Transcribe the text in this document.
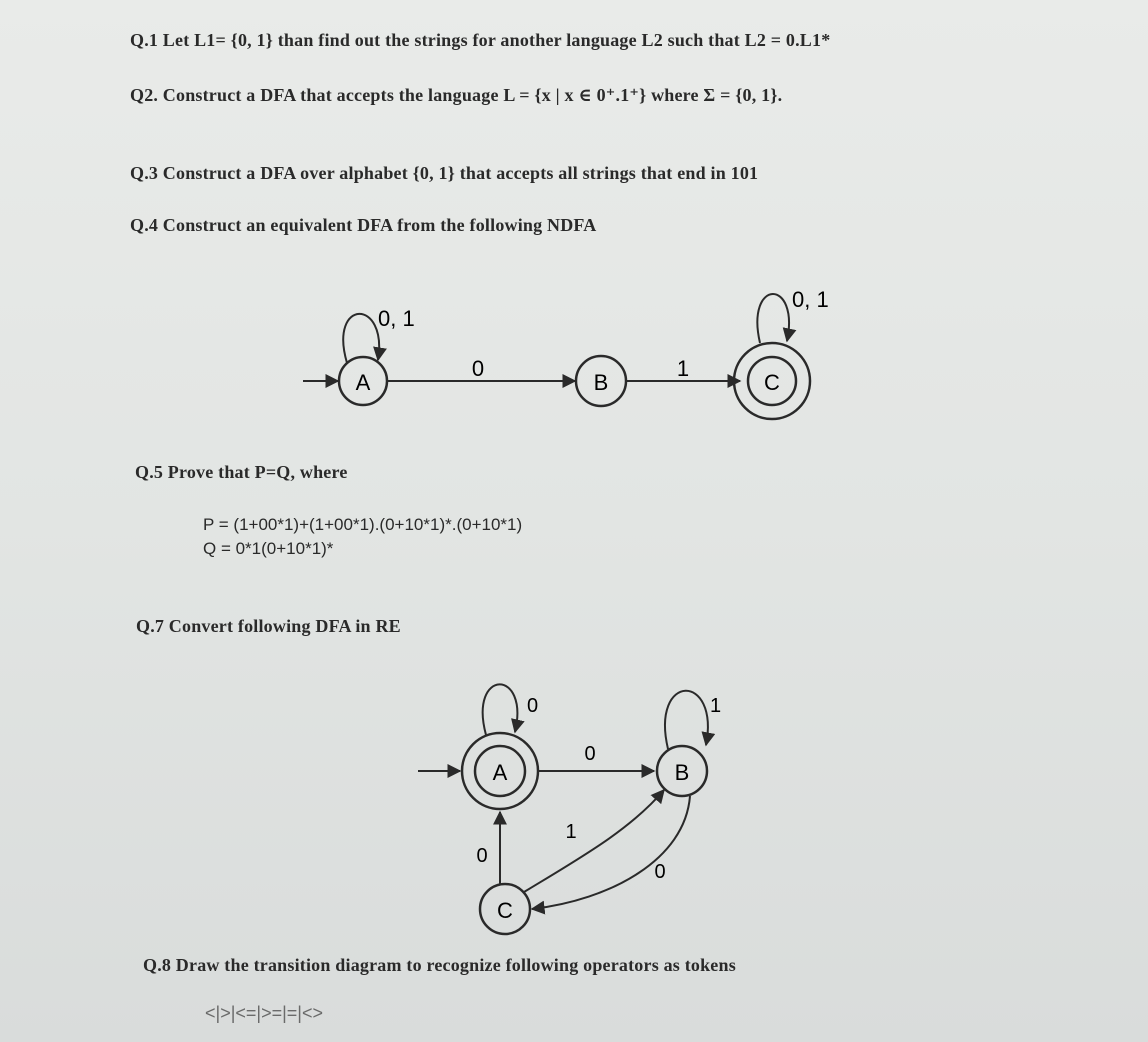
Q.1 Let L1= {0, 1} than find out the strings for another language L2 such that L2 = 0.L1*
Q2. Construct a DFA that accepts the language L = {x | x ∈ 0⁺.1⁺} where Σ = {0, 1}.
Q.3 Construct a DFA over alphabet {0, 1} that accepts all strings that end in 101
Q.4 Construct an equivalent DFA from the following NDFA
A
0, 1
0
B
1
C
0, 1
Q.5 Prove that P=Q, where
P = (1+00*1)+(1+00*1).(0+10*1)*.(0+10*1)
Q = 0*1(0+10*1)*
Q.7 Convert following DFA in RE
A
0
0
B
1
C
0
1
0
Q.8 Draw the transition diagram to recognize following operators as tokens
<|>|<=|>=|=|<>
